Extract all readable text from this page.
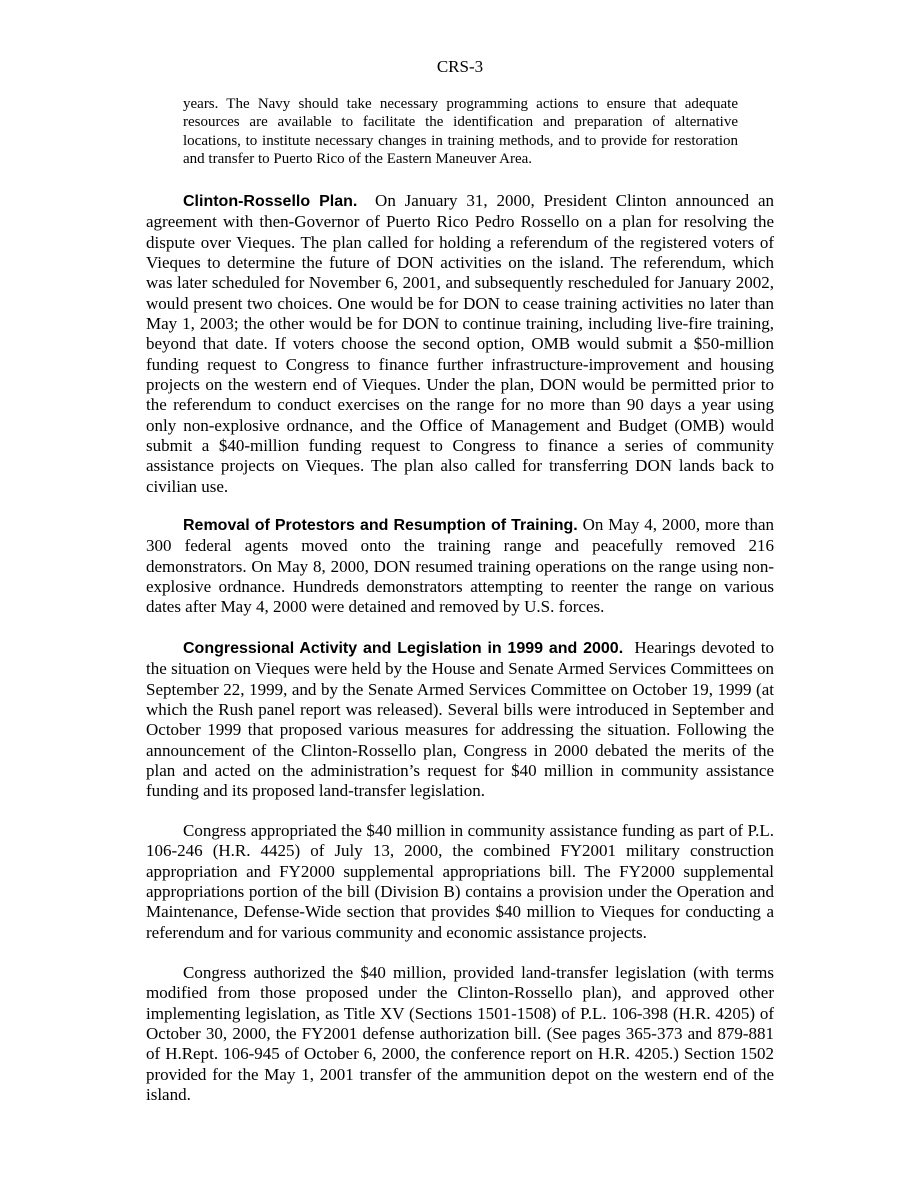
CRS-3

years. The Navy should take necessary programming actions to ensure that adequate resources are available to facilitate the identification and preparation of alternative locations, to institute necessary changes in training methods, and to provide for restoration and transfer to Puerto Rico of the Eastern Maneuver Area.

Clinton-Rossello Plan. On January 31, 2000, President Clinton announced an agreement with then-Governor of Puerto Rico Pedro Rossello on a plan for resolving the dispute over Vieques. The plan called for holding a referendum of the registered voters of Vieques to determine the future of DON activities on the island. The referendum, which was later scheduled for November 6, 2001, and subsequently rescheduled for January 2002, would present two choices. One would be for DON to cease training activities no later than May 1, 2003; the other would be for DON to continue training, including live-fire training, beyond that date. If voters choose the second option, OMB would submit a $50-million funding request to Congress to finance further infrastructure-improvement and housing projects on the western end of Vieques. Under the plan, DON would be permitted prior to the referendum to conduct exercises on the range for no more than 90 days a year using only non-explosive ordnance, and the Office of Management and Budget (OMB) would submit a $40-million funding request to Congress to finance a series of community assistance projects on Vieques. The plan also called for transferring DON lands back to civilian use.

Removal of Protestors and Resumption of Training. On May 4, 2000, more than 300 federal agents moved onto the training range and peacefully removed 216 demonstrators. On May 8, 2000, DON resumed training operations on the range using non-explosive ordnance. Hundreds demonstrators attempting to reenter the range on various dates after May 4, 2000 were detained and removed by U.S. forces.

Congressional Activity and Legislation in 1999 and 2000. Hearings devoted to the situation on Vieques were held by the House and Senate Armed Services Committees on September 22, 1999, and by the Senate Armed Services Committee on October 19, 1999 (at which the Rush panel report was released). Several bills were introduced in September and October 1999 that proposed various measures for addressing the situation. Following the announcement of the Clinton-Rossello plan, Congress in 2000 debated the merits of the plan and acted on the administration’s request for $40 million in community assistance funding and its proposed land-transfer legislation.

Congress appropriated the $40 million in community assistance funding as part of P.L. 106-246 (H.R. 4425) of July 13, 2000, the combined FY2001 military construction appropriation and FY2000 supplemental appropriations bill. The FY2000 supplemental appropriations portion of the bill (Division B) contains a provision under the Operation and Maintenance, Defense-Wide section that provides $40 million to Vieques for conducting a referendum and for various community and economic assistance projects.

Congress authorized the $40 million, provided land-transfer legislation (with terms modified from those proposed under the Clinton-Rossello plan), and approved other implementing legislation, as Title XV (Sections 1501-1508) of P.L. 106-398 (H.R. 4205) of October 30, 2000, the FY2001 defense authorization bill. (See pages 365-373 and 879-881 of H.Rept. 106-945 of October 6, 2000, the conference report on H.R. 4205.) Section 1502 provided for the May 1, 2001 transfer of the ammunition depot on the western end of the island.
